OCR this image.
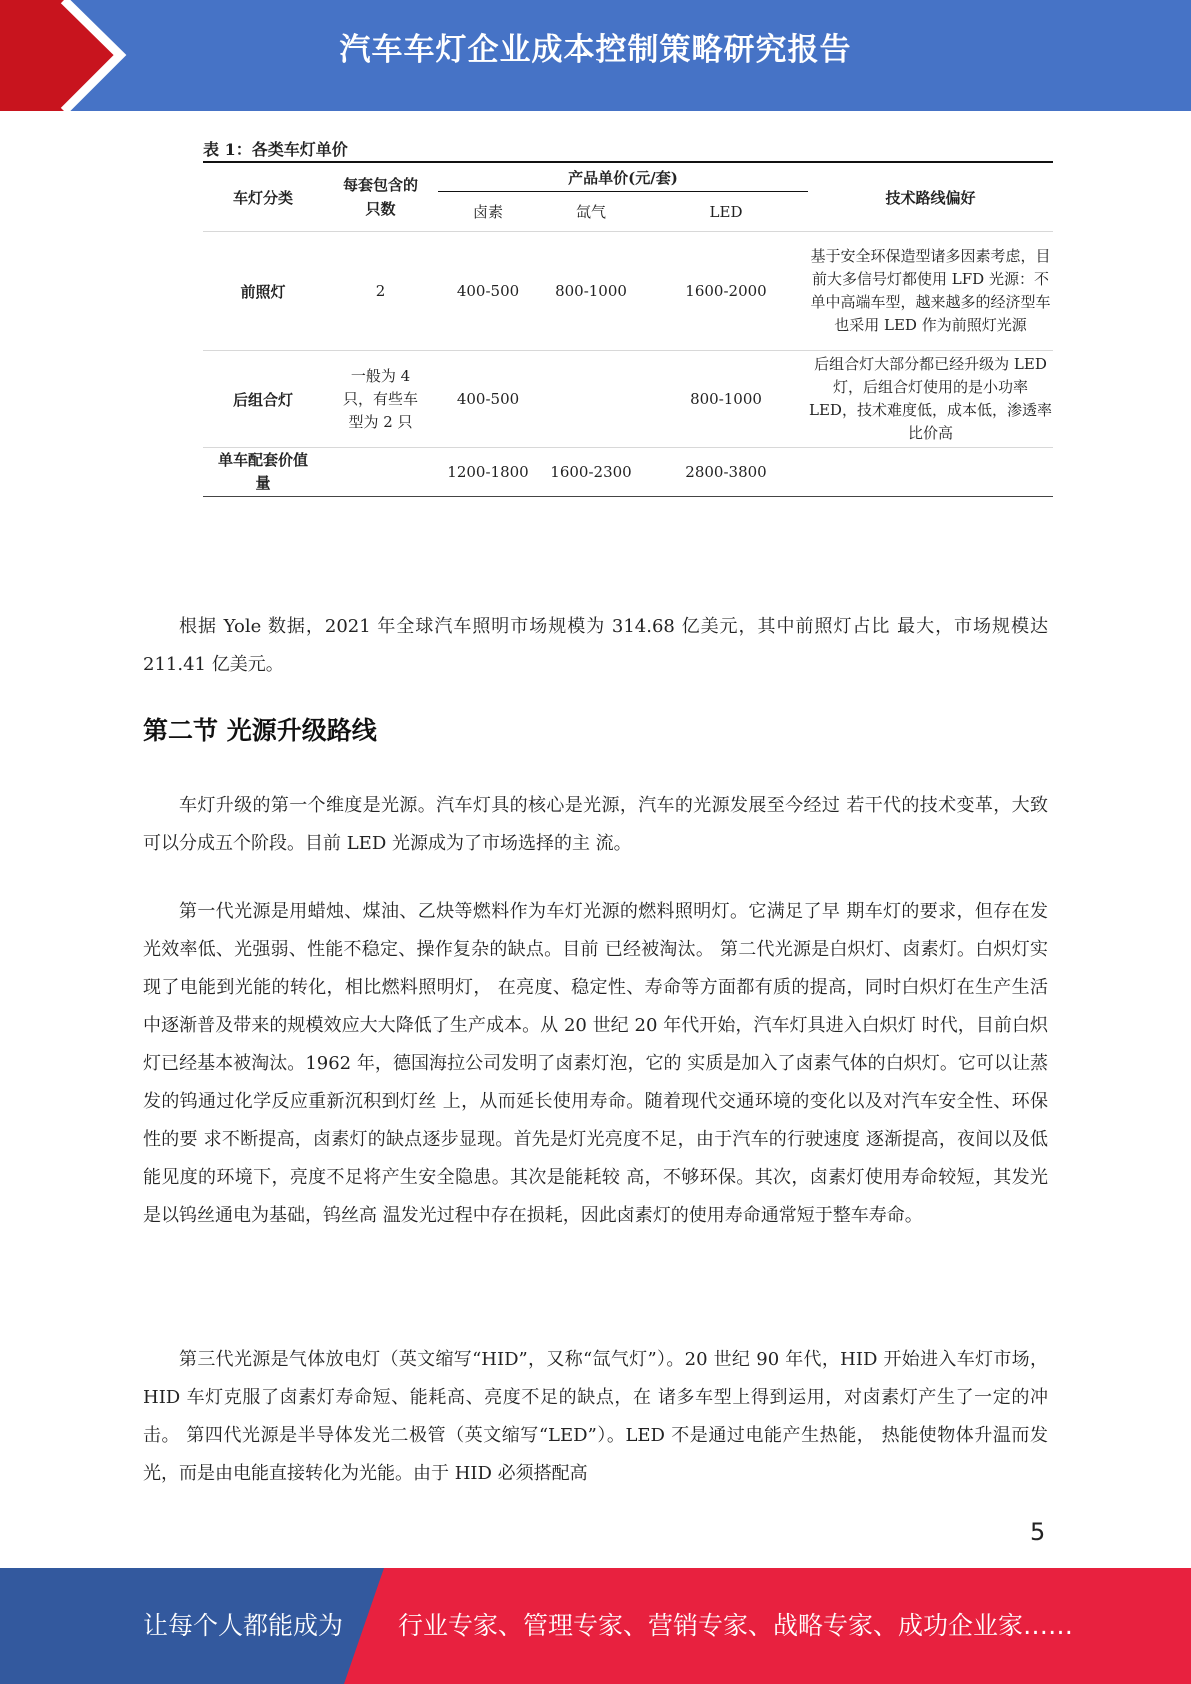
汽车车灯企业成本控制策略研究报告
表 1：各类车灯单价
车灯分类	每套包含的只数	产品单价(元/套)			技术路线偏好
		卤素	氙气	LED	
前照灯	2	400-500	800-1000	1600-2000	基于安全环保造型诸多因素考虑，目前大多信号灯都使用 LFD 光源：不单中高端车型，越来越多的经济型车也采用 LED 作为前照灯光源
后组合灯	一般为 4 只，有些车型为 2 只	400-500		800-1000	后组合灯大部分都已经升级为 LED 灯，后组合灯使用的是小功率 LED，技术难度低，成本低，渗透率比价高

单车配套价值量		1200-1800	1600-2300	2800-3800	

根据 Yole 数据，2021 年全球汽车照明市场规模为 314.68 亿美元，其中前照灯占比 最大，市场规模达 211.41 亿美元。

第二节 光源升级路线

车灯升级的第一个维度是光源。汽车灯具的核心是光源，汽车的光源发展至今经过 若干代的技术变革，大致可以分成五个阶段。目前 LED 光源成为了市场选择的主 流。

第一代光源是用蜡烛、煤油、乙炔等燃料作为车灯光源的燃料照明灯。它满足了早 期车灯的要求，但存在发光效率低、光强弱、性能不稳定、操作复杂的缺点。目前 已经被淘汰。 第二代光源是白炽灯、卤素灯。白炽灯实现了电能到光能的转化，相比燃料照明灯， 在亮度、稳定性、寿命等方面都有质的提高，同时白炽灯在生产生活中逐渐普及带来的规模效应大大降低了生产成本。从 20 世纪 20 年代开始，汽车灯具进入白炽灯 时代，目前白炽灯已经基本被淘汰。1962 年，德国海拉公司发明了卤素灯泡，它的 实质是加入了卤素气体的白炽灯。它可以让蒸发的钨通过化学反应重新沉积到灯丝 上，从而延长使用寿命。随着现代交通环境的变化以及对汽车安全性、环保性的要 求不断提高，卤素灯的缺点逐步显现。首先是灯光亮度不足，由于汽车的行驶速度 逐渐提高，夜间以及低能见度的环境下，亮度不足将产生安全隐患。其次是能耗较 高，不够环保。其次，卤素灯使用寿命较短，其发光是以钨丝通电为基础，钨丝高 温发光过程中存在损耗，因此卤素灯的使用寿命通常短于整车寿命。

第三代光源是气体放电灯（英文缩写“HID”，又称“氙气灯”）。20 世纪 90 年代，HID 开始进入车灯市场， HID 车灯克服了卤素灯寿命短、能耗高、亮度不足的缺点，在 诸多车型上得到运用，对卤素灯产生了一定的冲击。 第四代光源是半导体发光二极管（英文缩写“LED”）。LED 不是通过电能产生热能， 热能使物体升温而发光，而是由电能直接转化为光能。由于 HID 必须搭配高

5
让每个人都能成为 行业专家、管理专家、营销专家、战略专家、成功企业家……
